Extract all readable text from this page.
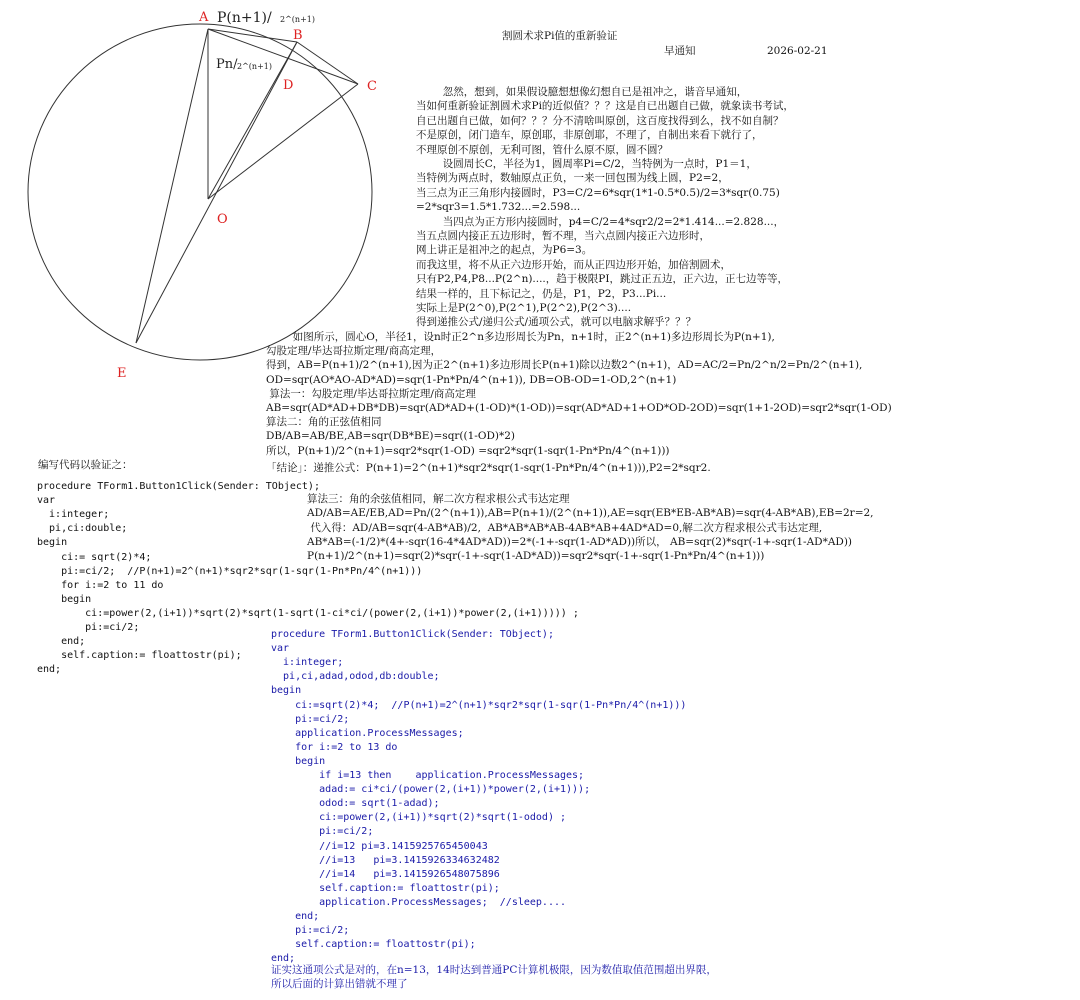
A
B
C
D
O
E
P(n+1)/ 2^(n+1)
Pn/ 2^(n+1)
割圆术求Pi值的重新验证
早通知	2026-02-21
忽然，想到，如果假设臆想想像幻想自已是祖冲之，谐音早通知，
当如何重新验证割圆术求Pi的近似值？？？这是自已出题自已做，就象读书考试，
自已出题自已做，如何？？？分不清啥叫原创，这百度找得到么，找不如自制？
不是原创，闭门造车，原创耶，非原创耶，不理了，自制出来看下就行了，
不理原创不原创，无利可图，管什么原不原，圆不圆？
设圆周长C，半径为1，圆周率Pi=C/2，当特例为一点时，P1＝1，
当特例为两点时，数轴原点正负，一来一回包围为线上圆，P2=2，
当三点为正三角形内接圆时，P3=C/2=6*sqr(1*1-0.5*0.5)/2=3*sqr(0.75)
=2*sqr3=1.5*1.732...=2.598...
当四点为正方形内接圆时，p4=C/2=4*sqr2/2=2*1.414...=2.828...，
当五点圆内接正五边形时，暂不理，当六点圆内接正六边形时，
网上讲正是祖冲之的起点，为P6=3。
而我这里，将不从正六边形开始，而从正四边形开始，加倍割圆术，
只有P2,P4,P8...P(2^n)....，趋于极限PI，跳过正五边，正六边，正七边等等，
结果一样的，且下标记之，仍是，P1，P2，P3...Pi...
实际上是P(2^0),P(2^1),P(2^2),P(2^3)....
得到递推公式/递归公式/通项公式，就可以电脑求解乎？？？
如图所示，圆心O，半径1，设n时正2^n多边形周长为Pn，n+1时，正2^(n+1)多边形周长为P(n+1),
勾股定理/毕达哥拉斯定理/商高定理，
得到，AB=P(n+1)/2^(n+1),因为正2^(n+1)多边形周长P(n+1)除以边数2^(n+1)，AD=AC/2=Pn/2^n/2=Pn/2^(n+1),
OD=sqr(AO*AO-AD*AD)=sqr(1-Pn*Pn/4^(n+1)), DB=OB-OD=1-OD,2^(n+1)
算法一：勾股定理/毕达哥拉斯定理/商高定理
AB=sqr(AD*AD+DB*DB)=sqr(AD*AD+(1-OD)*(1-OD))=sqr(AD*AD+1+OD*OD-2OD)=sqr(1+1-2OD)=sqr2*sqr(1-OD)
算法二：角的正弦值相同
DB/AB=AB/BE,AB=sqr(DB*BE)=sqr((1-OD)*2)
所以，P(n+1)/2^(n+1)=sqr2*sqr(1-OD) =sqr2*sqr(1-sqr(1-Pn*Pn/4^(n+1)))
「结论」：递推公式：P(n+1)=2^(n+1)*sqr2*sqr(1-sqr(1-Pn*Pn/4^(n+1))),P2=2*sqr2.
编写代码以验证之：
算法三：角的余弦值相同，解二次方程求根公式韦达定理
AD/AB=AE/EB,AD=Pn/(2^(n+1)),AB=P(n+1)/(2^(n+1)),AE=sqr(EB*EB-AB*AB)=sqr(4-AB*AB),EB=2r=2,
代入得：AD/AB=sqr(4-AB*AB)/2,  AB*AB*AB*AB-4AB*AB+4AD*AD=0,解二次方程求根公式韦达定理,
AB*AB=(-1/2)*(4+-sqr(16-4*4AD*AD))=2*(-1+-sqr(1-AD*AD))所以， AB=sqr(2)*sqr(-1+-sqr(1-AD*AD))
P(n+1)/2^(n+1)=sqr(2)*sqr(-1+-sqr(1-AD*AD))=sqr2*sqr(-1+-sqr(1-Pn*Pn/4^(n+1)))
procedure TForm1.Button1Click(Sender: TObject);
var
i:integer;
pi,ci:double;
begin
ci:= sqrt(2)*4;
pi:=ci/2;  //P(n+1)=2^(n+1)*sqr2*sqr(1-sqr(1-Pn*Pn/4^(n+1)))
for i:=2 to 11 do
begin
ci:=power(2,(i+1))*sqrt(2)*sqrt(1-sqrt(1-ci*ci/(power(2,(i+1))*power(2,(i+1))))) ;
pi:=ci/2;
end;
self.caption:= floattostr(pi);
end;
procedure TForm1.Button1Click(Sender: TObject);
var
i:integer;
pi,ci,adad,odod,db:double;
begin
ci:=sqrt(2)*4;  //P(n+1)=2^(n+1)*sqr2*sqr(1-sqr(1-Pn*Pn/4^(n+1)))
pi:=ci/2;
application.ProcessMessages;
for i:=2 to 13 do
begin
if i=13 then    application.ProcessMessages;
adad:= ci*ci/(power(2,(i+1))*power(2,(i+1)));
odod:= sqrt(1-adad);
ci:=power(2,(i+1))*sqrt(2)*sqrt(1-odod) ;
pi:=ci/2;
//i=12 pi=3.1415925765450043
//i=13   pi=3.1415926334632482
//i=14   pi=3.1415926548075896
self.caption:= floattostr(pi);
application.ProcessMessages;  //sleep....
end;
pi:=ci/2;
self.caption:= floattostr(pi);
end;
证实这通项公式是对的，在n=13，14时达到普通PC计算机极限，因为数值取值范围超出界限，
所以后面的计算出错就不理了
